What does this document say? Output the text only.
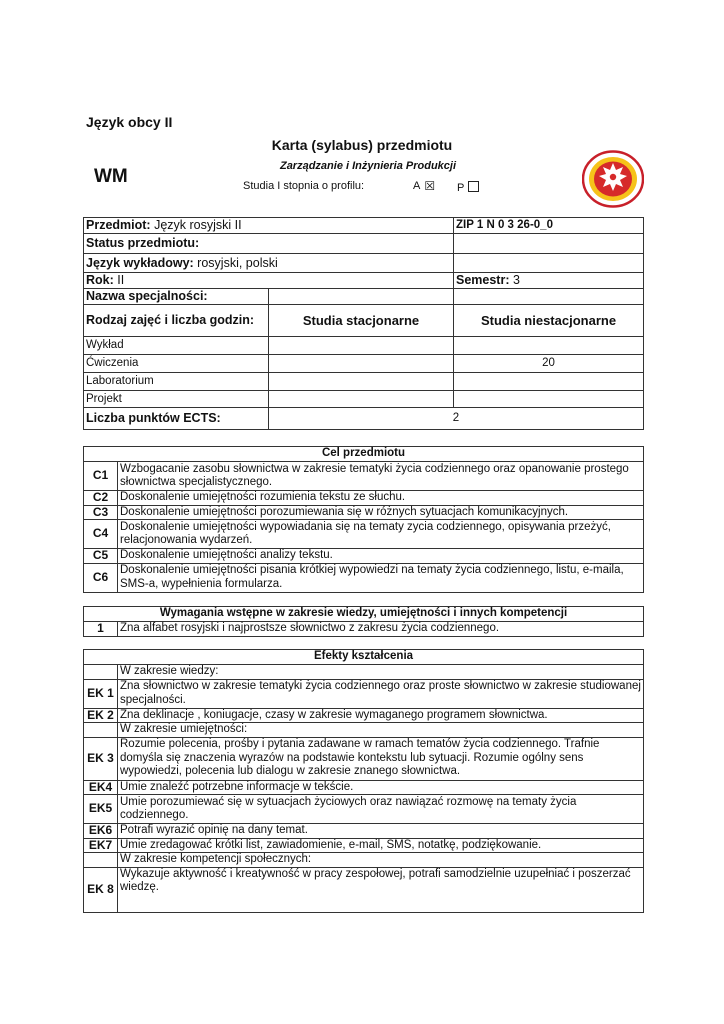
Język obcy II
Karta (sylabus) przedmiotu
Zarządzanie i Inżynieria Produkcji
WM	Studia I stopnia o profilu:	A ☒ P
Przedmiot: Język rosyjski II		ZIP 1 N 0 3 26-0_0
Status przedmiotu:		
Język wykładowy: rosyjski, polski		
Rok: II		Semestr: 3
Nazwa specjalności:		
Rodzaj zajęć i liczba godzin:	Studia stacjonarne	Studia niestacjonarne
Wykład		
Ćwiczenia		20
Laboratorium		
Projekt		
Liczba punktów ECTS:	2	
Cel przedmiotu	
C1	Wzbogacanie zasobu słownictwa w zakresie tematyki życia codziennego oraz opanowanie prostego słownictwa specjalistycznego.
C2	Doskonalenie umiejętności rozumienia tekstu ze słuchu.
C3	Doskonalenie umiejętności porozumiewania się w różnych sytuacjach komunikacyjnych.
C4	Doskonalenie umiejętności wypowiadania się na tematy zycia codziennego, opisywania przeżyć, relacjonowania wydarzeń.
C5	Doskonalenie umiejętności analizy tekstu.
C6	Doskonalenie umiejętności pisania krótkiej wypowiedzi na tematy życia codziennego, listu, e-maila, SMS-a, wypełnienia formularza.
Wymagania wstępne w zakresie wiedzy, umiejętności i innych kompetencji
1	Zna alfabet rosyjski i najprostsze słownictwo z zakresu życia codziennego.
Efekty kształcenia	
	W zakresie wiedzy:
EK 1	Zna słownictwo w zakresie tematyki życia codziennego oraz proste słownictwo w zakresie studiowanej specjalności.
EK 2	Zna deklinacje , koniugacje, czasy w zakresie wymaganego programem słownictwa.
	W zakresie umiejętności:
EK 3	Rozumie polecenia, prośby i pytania zadawane w ramach tematów życia codziennego. Trafnie domyśla się znaczenia wyrazów na podstawie kontekstu lub sytuacji. Rozumie ogólny sens wypowiedzi, polecenia lub dialogu w zakresie znanego słownictwa.
EK4	Umie znaleźć potrzebne informacje w tekście.
EK5	Umie porozumiewać się w sytuacjach życiowych oraz nawiązać rozmowę na tematy życia codziennego.
EK6	Potrafi wyrazić opinię na dany temat.
EK7	Umie zredagować krótki list, zawiadomienie, e-mail, SMS, notatkę, podziękowanie.
	W zakresie kompetencji społecznych:
EK 8	Wykazuje aktywność i kreatywność w pracy zespołowej, potrafi samodzielnie uzupełniać i poszerzać wiedzę.
